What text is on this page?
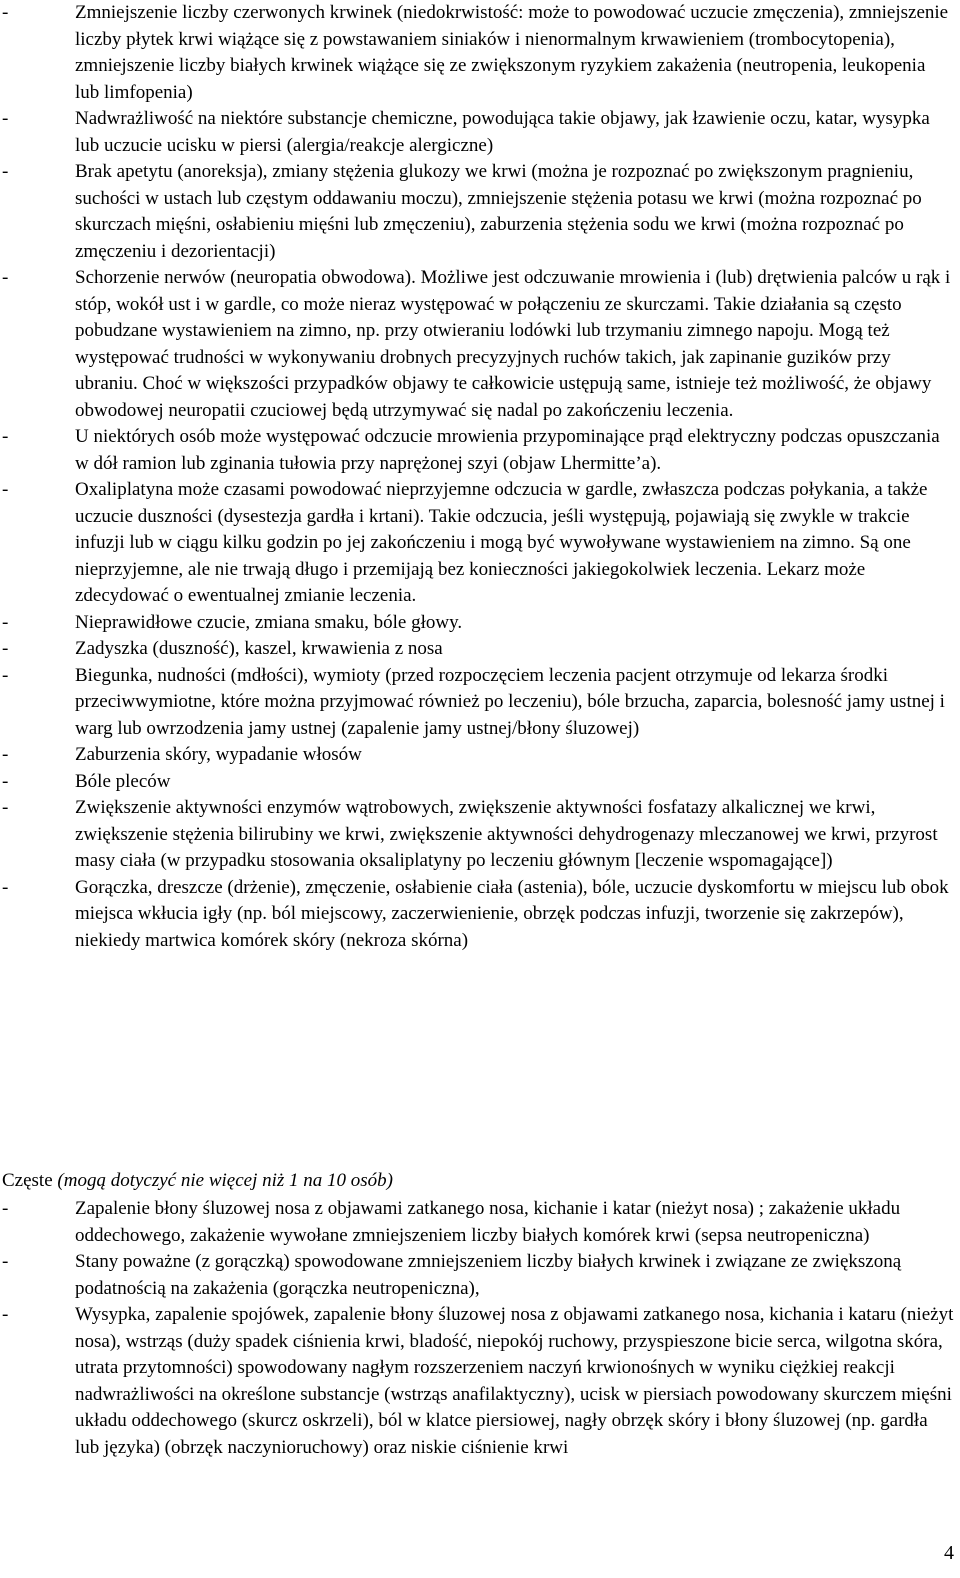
-	Zmniejszenie liczby czerwonych krwinek (niedokrwistość: może to powodować uczucie zmęczenia), zmniejszenie liczby płytek krwi wiążące się z powstawaniem siniaków i nienormalnym krwawieniem (trombocytopenia), zmniejszenie liczby białych krwinek wiążące się ze zwiększonym ryzykiem zakażenia (neutropenia, leukopenia lub limfopenia)
-	Nadwrażliwość na niektóre substancje chemiczne, powodująca takie objawy, jak łzawienie oczu, katar, wysypka lub uczucie ucisku w piersi (alergia/reakcje alergiczne)
-	Brak apetytu (anoreksja), zmiany stężenia glukozy we krwi (można je rozpoznać po zwiększonym pragnieniu, suchości w ustach lub częstym oddawaniu moczu), zmniejszenie stężenia potasu we krwi (można rozpoznać po skurczach mięśni, osłabieniu mięśni lub zmęczeniu), zaburzenia stężenia sodu we krwi (można rozpoznać po zmęczeniu i dezorientacji)
-	Schorzenie nerwów (neuropatia obwodowa). Możliwe jest odczuwanie mrowienia i (lub) drętwienia palców u rąk i stóp, wokół ust i w gardle, co może nieraz występować w połączeniu ze skurczami. Takie działania są często pobudzane wystawieniem na zimno, np. przy otwieraniu lodówki lub trzymaniu zimnego napoju. Mogą też występować trudności w wykonywaniu drobnych precyzyjnych ruchów takich, jak zapinanie guzików przy ubraniu. Choć w większości przypadków objawy te całkowicie ustępują same, istnieje też możliwość, że objawy obwodowej neuropatii czuciowej będą utrzymywać się nadal po zakończeniu leczenia.
-	U niektórych osób może występować odczucie mrowienia przypominające prąd elektryczny podczas opuszczania w dół ramion lub zginania tułowia przy naprężonej szyi (objaw Lhermitte’a).
-	Oxaliplatyna może czasami powodować nieprzyjemne odczucia w gardle, zwłaszcza podczas połykania, a także uczucie duszności (dysestezja gardła i krtani). Takie odczucia, jeśli występują, pojawiają się zwykle w trakcie infuzji lub w ciągu kilku godzin po jej zakończeniu i mogą być wywoływane wystawieniem na zimno. Są one nieprzyjemne, ale nie trwają długo i przemijają bez konieczności jakiegokolwiek leczenia. Lekarz może zdecydować o ewentualnej zmianie leczenia.
-	Nieprawidłowe czucie, zmiana smaku, bóle głowy.
-	Zadyszka (duszność), kaszel, krwawienia z nosa
-	Biegunka, nudności (mdłości), wymioty (przed rozpoczęciem leczenia pacjent otrzymuje od lekarza środki przeciwwymiotne, które można przyjmować również po leczeniu), bóle brzucha, zaparcia, bolesność jamy ustnej i warg lub owrzodzenia jamy ustnej (zapalenie jamy ustnej/błony śluzowej)
-	Zaburzenia skóry, wypadanie włosów
-	Bóle pleców
-	Zwiększenie aktywności enzymów wątrobowych, zwiększenie aktywności fosfatazy alkalicznej we krwi, zwiększenie stężenia bilirubiny we krwi, zwiększenie aktywności dehydrogenazy mleczanowej we krwi, przyrost masy ciała (w przypadku stosowania oksaliplatyny po leczeniu głównym [leczenie wspomagające])
-	Gorączka, dreszcze (drżenie), zmęczenie, osłabienie ciała (astenia), bóle, uczucie dyskomfortu w miejscu lub obok miejsca wkłucia igły (np. ból miejscowy, zaczerwienienie, obrzęk podczas infuzji, tworzenie się zakrzepów), niekiedy martwica komórek skóry (nekroza skórna)
Częste (mogą dotyczyć nie więcej niż 1 na 10 osób)
-	Zapalenie błony śluzowej nosa z objawami zatkanego nosa, kichanie i katar (nieżyt nosa) ; zakażenie układu oddechowego, zakażenie wywołane zmniejszeniem liczby białych komórek krwi (sepsa neutropeniczna)
-	Stany poważne (z gorączką) spowodowane zmniejszeniem liczby białych krwinek i związane ze zwiększoną podatnością na zakażenia (gorączka neutropeniczna),
-	Wysypka, zapalenie spojówek, zapalenie błony śluzowej nosa z objawami zatkanego nosa, kichania i kataru (nieżyt nosa), wstrząs (duży spadek ciśnienia krwi, bladość, niepokój ruchowy, przyspieszone bicie serca, wilgotna skóra, utrata przytomności) spowodowany nagłym rozszerzeniem naczyń krwionośnych w wyniku ciężkiej reakcji nadwrażliwości na określone substancje (wstrząs anafilaktyczny), ucisk w piersiach powodowany skurczem mięśni układu oddechowego (skurcz oskrzeli), ból w klatce piersiowej, nagły obrzęk skóry i błony śluzowej (np. gardła lub języka) (obrzęk naczynioruchowy) oraz niskie ciśnienie krwi
4
